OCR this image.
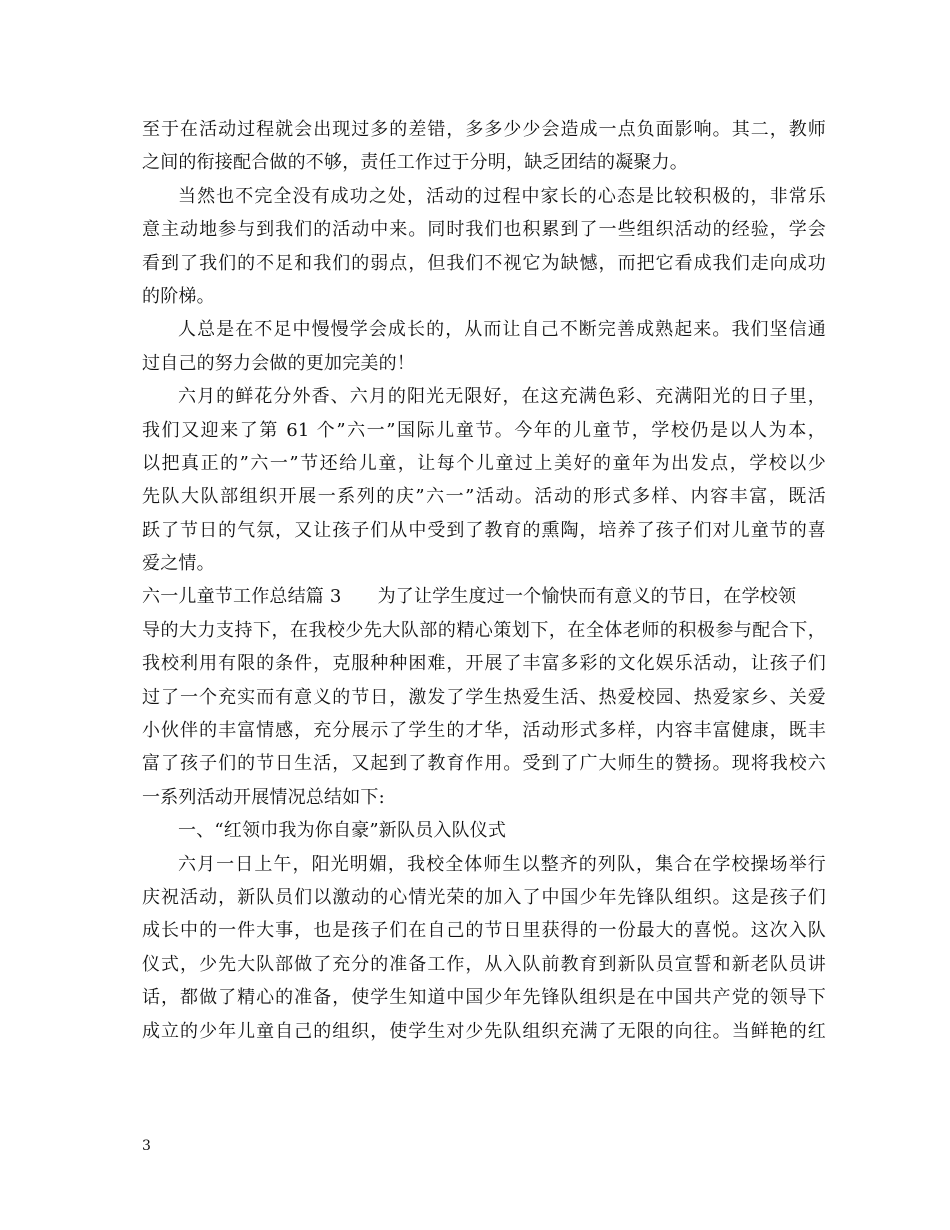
至于在活动过程就会出现过多的差错，多多少少会造成一点负面影响。其二，教师
之间的衔接配合做的不够，责任工作过于分明，缺乏团结的凝聚力。
当然也不完全没有成功之处，活动的过程中家长的心态是比较积极的，非常乐
意主动地参与到我们的活动中来。同时我们也积累到了一些组织活动的经验，学会
看到了我们的不足和我们的弱点，但我们不视它为缺憾，而把它看成我们走向成功
的阶梯。
人总是在不足中慢慢学会成长的，从而让自己不断完善成熟起来。我们坚信通
过自己的努力会做的更加完美的！
六月的鲜花分外香、六月的阳光无限好，在这充满色彩、充满阳光的日子里，
我们又迎来了第 61 个”六一”国际儿童节。今年的儿童节，学校仍是以人为本，
以把真正的”六一”节还给儿童，让每个儿童过上美好的童年为出发点，学校以少
先队大队部组织开展一系列的庆”六一”活动。活动的形式多样、内容丰富，既活
跃了节日的气氛，又让孩子们从中受到了教育的熏陶，培养了孩子们对儿童节的喜
爱之情。
六一儿童节工作总结篇 3 为了让学生度过一个愉快而有意义的节日，在学校领
导的大力支持下，在我校少先大队部的精心策划下，在全体老师的积极参与配合下，
我校利用有限的条件，克服种种困难，开展了丰富多彩的文化娱乐活动，让孩子们
过了一个充实而有意义的节日，激发了学生热爱生活、热爱校园、热爱家乡、关爱
小伙伴的丰富情感，充分展示了学生的才华，活动形式多样，内容丰富健康，既丰
富了孩子们的节日生活，又起到了教育作用。受到了广大师生的赞扬。现将我校六
一系列活动开展情况总结如下:
一、“红领巾我为你自豪”新队员入队仪式
六月一日上午，阳光明媚，我校全体师生以整齐的列队，集合在学校操场举行
庆祝活动，新队员们以激动的心情光荣的加入了中国少年先锋队组织。这是孩子们
成长中的一件大事，也是孩子们在自己的节日里获得的一份最大的喜悦。这次入队
仪式，少先大队部做了充分的准备工作，从入队前教育到新队员宣誓和新老队员讲
话，都做了精心的准备，使学生知道中国少年先锋队组织是在中国共产党的领导下
成立的少年儿童自己的组织，使学生对少先队组织充满了无限的向往。当鲜艳的红
3
